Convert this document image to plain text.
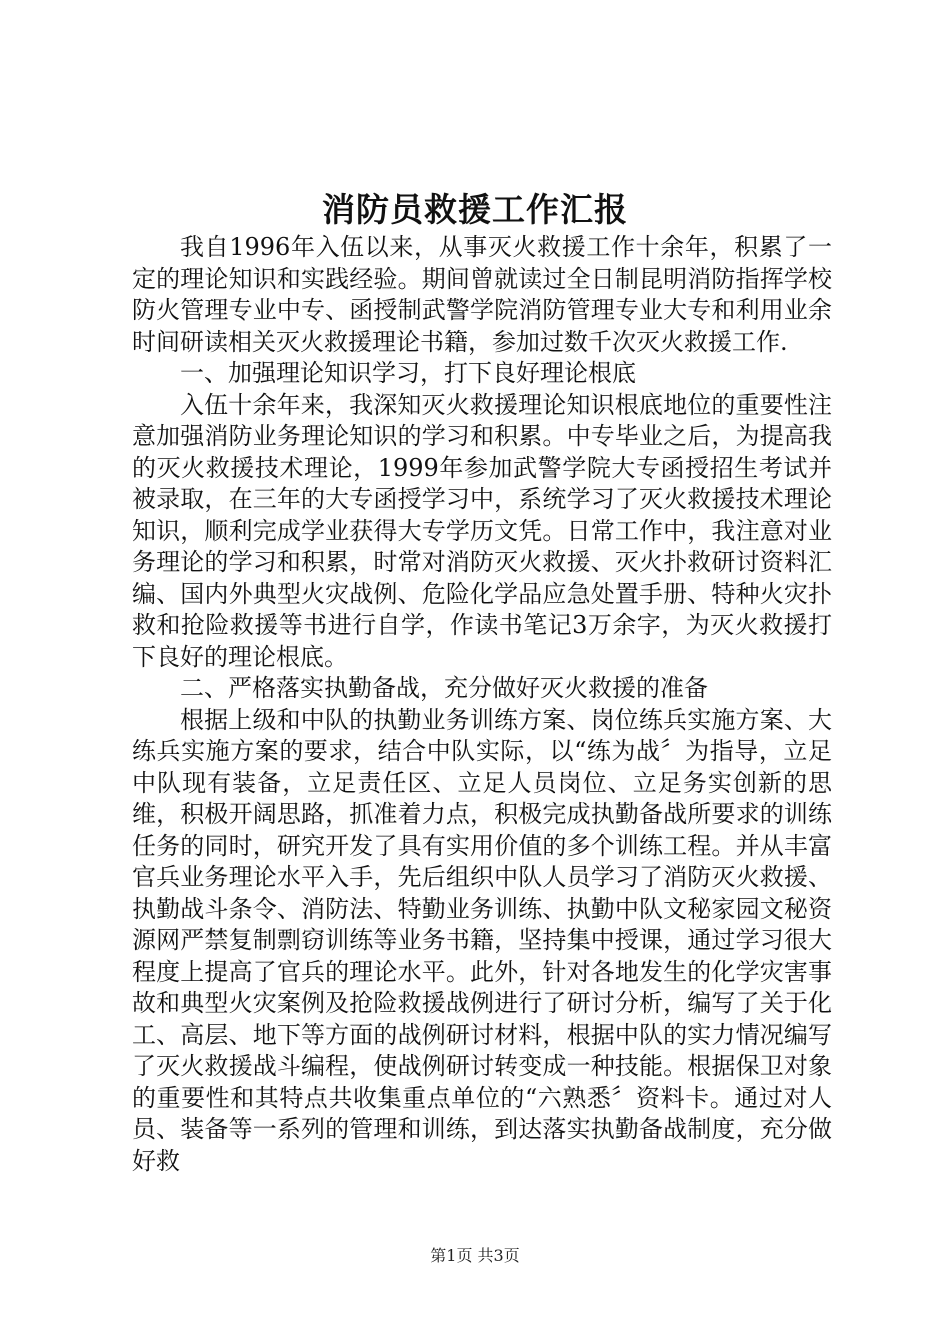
消防员救援工作汇报

我自1996年入伍以来，从事灭火救援工作十余年，积累了一定的理论知识和实践经验。期间曾就读过全日制昆明消防指挥学校防火管理专业中专、函授制武警学院消防管理专业大专和利用业余时间研读相关灭火救援理论书籍，参加过数千次灭火救援工作.

一、加强理论知识学习，打下良好理论根底

入伍十余年来，我深知灭火救援理论知识根底地位的重要性注意加强消防业务理论知识的学习和积累。中专毕业之后，为提高我的灭火救援技术理论，1999年参加武警学院大专函授招生考试并被录取，在三年的大专函授学习中，系统学习了灭火救援技术理论知识，顺利完成学业获得大专学历文凭。日常工作中，我注意对业务理论的学习和积累，时常对消防灭火救援、灭火扑救研讨资料汇编、国内外典型火灾战例、危险化学品应急处置手册、特种火灾扑救和抢险救援等书进行自学，作读书笔记3万余字，为灭火救援打下良好的理论根底。

二、严格落实执勤备战，充分做好灭火救援的准备

根据上级和中队的执勤业务训练方案、岗位练兵实施方案、大练兵实施方案的要求，结合中队实际，以“练为战〞为指导，立足中队现有装备，立足责任区、立足人员岗位、立足务实创新的思维，积极开阔思路，抓准着力点，积极完成执勤备战所要求的训练任务的同时，研究开发了具有实用价值的多个训练工程。并从丰富官兵业务理论水平入手，先后组织中队人员学习了消防灭火救援、执勤战斗条令、消防法、特勤业务训练、执勤中队文秘家园文秘资源网严禁复制剽窃训练等业务书籍，坚持集中授课，通过学习很大程度上提高了官兵的理论水平。此外，针对各地发生的化学灾害事故和典型火灾案例及抢险救援战例进行了研讨分析，编写了关于化工、高层、地下等方面的战例研讨材料，根据中队的实力情况编写了灭火救援战斗编程，使战例研讨转变成一种技能。根据保卫对象的重要性和其特点共收集重点单位的“六熟悉〞资料卡。通过对人员、装备等一系列的管理和训练，到达落实执勤备战制度，充分做好救

第1页 共3页
